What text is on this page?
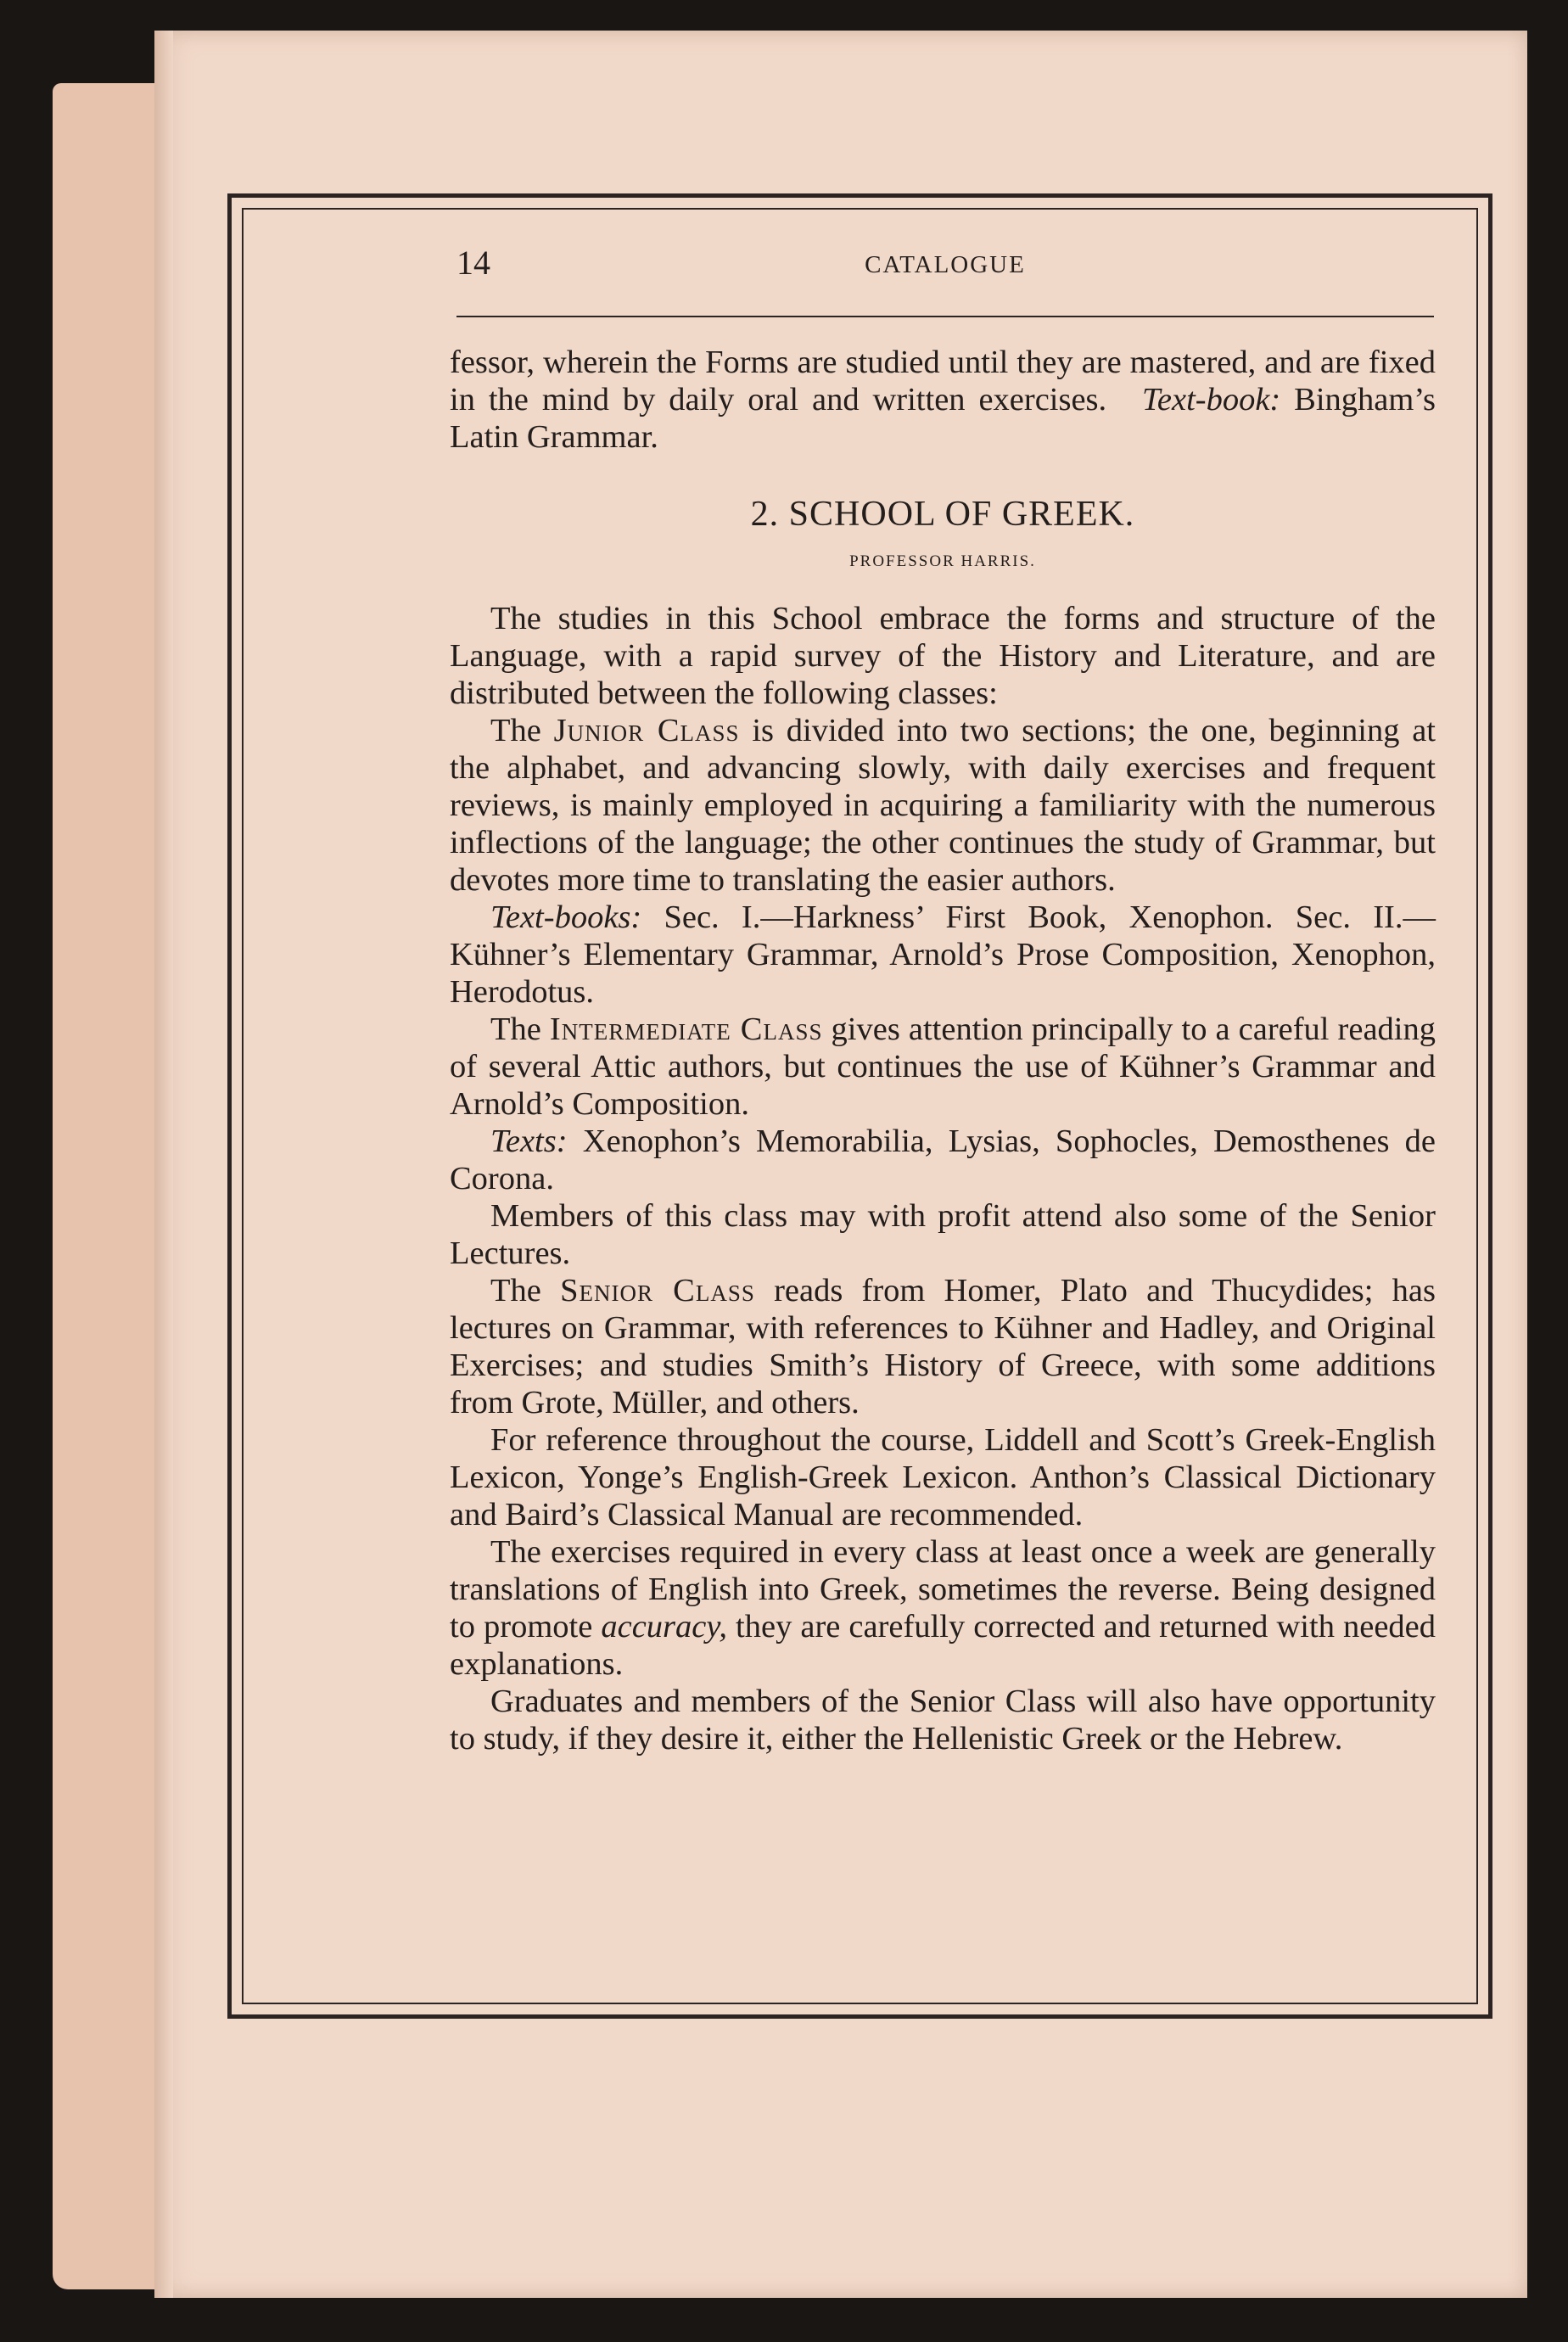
14	CATALOGUE

fessor, wherein the Forms are studied until they are mastered, and are fixed in the mind by daily oral and written exercises. Text-book: Bingham’s Latin Grammar.

2. SCHOOL OF GREEK.
PROFESSOR HARRIS.

The studies in this School embrace the forms and structure of the Language, with a rapid survey of the History and Literature, and are distributed between the following classes:

The Junior Class is divided into two sections; the one, beginning at the alphabet, and advancing slowly, with daily exercises and frequent reviews, is mainly employed in acquiring a familiarity with the numerous inflections of the language; the other continues the study of Grammar, but devotes more time to translating the easier authors.

Text-books: Sec. I.—Harkness’ First Book, Xenophon. Sec. II.—Kühner’s Elementary Grammar, Arnold’s Prose Composition, Xenophon, Herodotus.

The Intermediate Class gives attention principally to a careful reading of several Attic authors, but continues the use of Kühner’s Grammar and Arnold’s Composition.

Texts: Xenophon’s Memorabilia, Lysias, Sophocles, Demosthenes de Corona.

Members of this class may with profit attend also some of the Senior Lectures.

The Senior Class reads from Homer, Plato and Thucydides; has lectures on Grammar, with references to Kühner and Hadley, and Original Exercises; and studies Smith’s History of Greece, with some additions from Grote, Müller, and others.

For reference throughout the course, Liddell and Scott’s Greek-English Lexicon, Yonge’s English-Greek Lexicon. Anthon’s Classical Dictionary and Baird’s Classical Manual are recommended.

The exercises required in every class at least once a week are generally translations of English into Greek, sometimes the reverse. Being designed to promote accuracy, they are carefully corrected and returned with needed explanations.

Graduates and members of the Senior Class will also have opportunity to study, if they desire it, either the Hellenistic Greek or the Hebrew.
